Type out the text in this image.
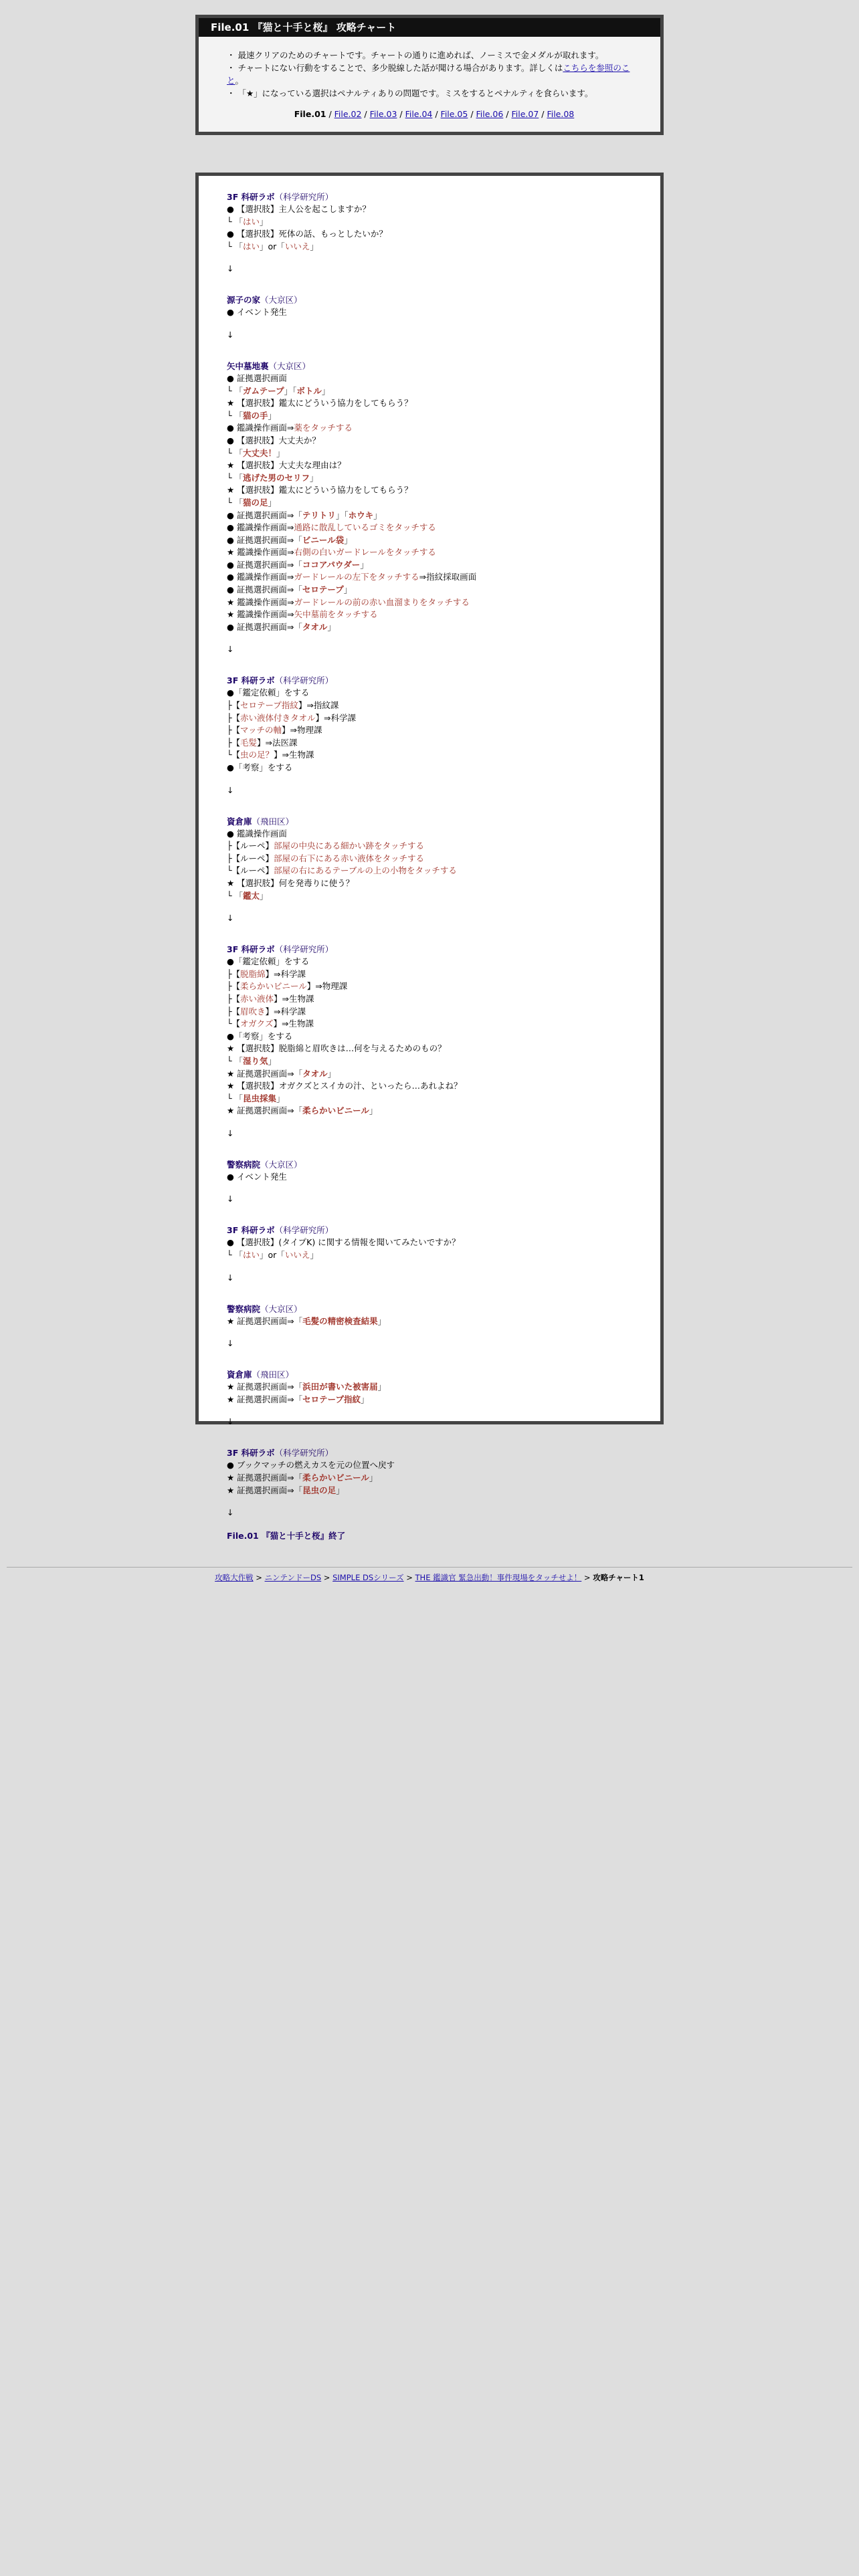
File.01 『猫と十手と桜』 攻略チャート

・ 最速クリアのためのチャートです。チャートの通りに進めれば、ノーミスで金メダルが取れます。

・ チャートにない行動をすることで、多少脱線した話が聞ける場合があります。詳しくはこちらを参照のこと。

・ 「★」になっている選択はペナルティありの問題です。ミスをするとペナルティを食らいます。

File.01 / File.02 / File.03 / File.04 / File.05 / File.06 / File.07 / File.08
3F 科研ラボ（科学研究所）
● 【選択肢】主人公を起こしますか？
└ 「はい」
● 【選択肢】死体の話、もっとしたいか？
└ 「はい」or「いいえ」
↓
源子の家（大京区）
● イベント発生
↓
矢中墓地裏（大京区）
● 証拠選択画面
└ 「ガムテープ」「ボトル」
★ 【選択肢】鑑太にどういう協力をしてもらう？
└ 「猫の手」
● 鑑識操作画面⇒薬をタッチする
● 【選択肢】大丈夫か？
└ 「大丈夫！」
★ 【選択肢】大丈夫な理由は？
└ 「逃げた男のセリフ」
★ 【選択肢】鑑太にどういう協力をしてもらう？
└ 「猫の足」
● 証拠選択画面⇒「テリトリ」「ホウキ」
● 鑑識操作画面⇒通路に散乱しているゴミをタッチする
● 証拠選択画面⇒「ビニール袋」
★ 鑑識操作画面⇒右側の白いガードレールをタッチする
● 証拠選択画面⇒「ココアパウダー」
● 鑑識操作画面⇒ガードレールの左下をタッチする⇒指紋採取画面
● 証拠選択画面⇒「セロテープ」
★ 鑑識操作画面⇒ガードレールの前の赤い血溜まりをタッチする
★ 鑑識操作画面⇒矢中墓前をタッチする
● 証拠選択画面⇒「タオル」
↓
3F 科研ラボ（科学研究所）
●「鑑定依頼」をする
├【セロテープ指紋】⇒指紋課
├【赤い液体付きタオル】⇒科学課
├【マッチの軸】⇒物理課
├【毛髪】⇒法医課
└【虫の足？】⇒生物課
●「考察」をする
↓
資倉庫（飛田区）
● 鑑識操作画面
├【ルーペ】部屋の中央にある細かい跡をタッチする
├【ルーペ】部屋の右下にある赤い液体をタッチする
└【ルーペ】部屋の右にあるテーブルの上の小物をタッチする
★ 【選択肢】何を発毒りに使う？
└ 「鑑太」
↓
3F 科研ラボ（科学研究所）
●「鑑定依頼」をする
├【脱脂綿】⇒科学課
├【柔らかいビニール】⇒物理課
├【赤い液体】⇒生物課
├【眉吹き】⇒科学課
└【オガクズ】⇒生物課
●「考察」をする
★ 【選択肢】脱脂綿と眉吹きは…何を与えるためのもの？
└ 「湿り気」
★ 証拠選択画面⇒「タオル」
★ 【選択肢】オガクズとスイカの汁、といったら…あれよね？
└ 「昆虫採集」
★ 証拠選択画面⇒「柔らかいビニール」
↓
警察病院（大京区）
● イベント発生
↓
3F 科研ラボ（科学研究所）
● 【選択肢】(タイプK) に関する情報を聞いてみたいですか？
└ 「はい」or「いいえ」
↓
警察病院（大京区）
★ 証拠選択画面⇒「毛髪の精密検査結果」
↓
資倉庫（飛田区）
★ 証拠選択画面⇒「浜田が書いた被害届」
★ 証拠選択画面⇒「セロテープ指紋」
↓
3F 科研ラボ（科学研究所）
● ブックマッチの燃えカスを元の位置へ戻す
★ 証拠選択画面⇒「柔らかいビニール」
★ 証拠選択画面⇒「昆虫の足」
↓
File.01 『猫と十手と桜』終了
攻略大作戦 > ニンテンドーDS > SIMPLE DSシリーズ > THE 鑑識官 緊急出動！事件現場をタッチせよ！ > 攻略チャート1
